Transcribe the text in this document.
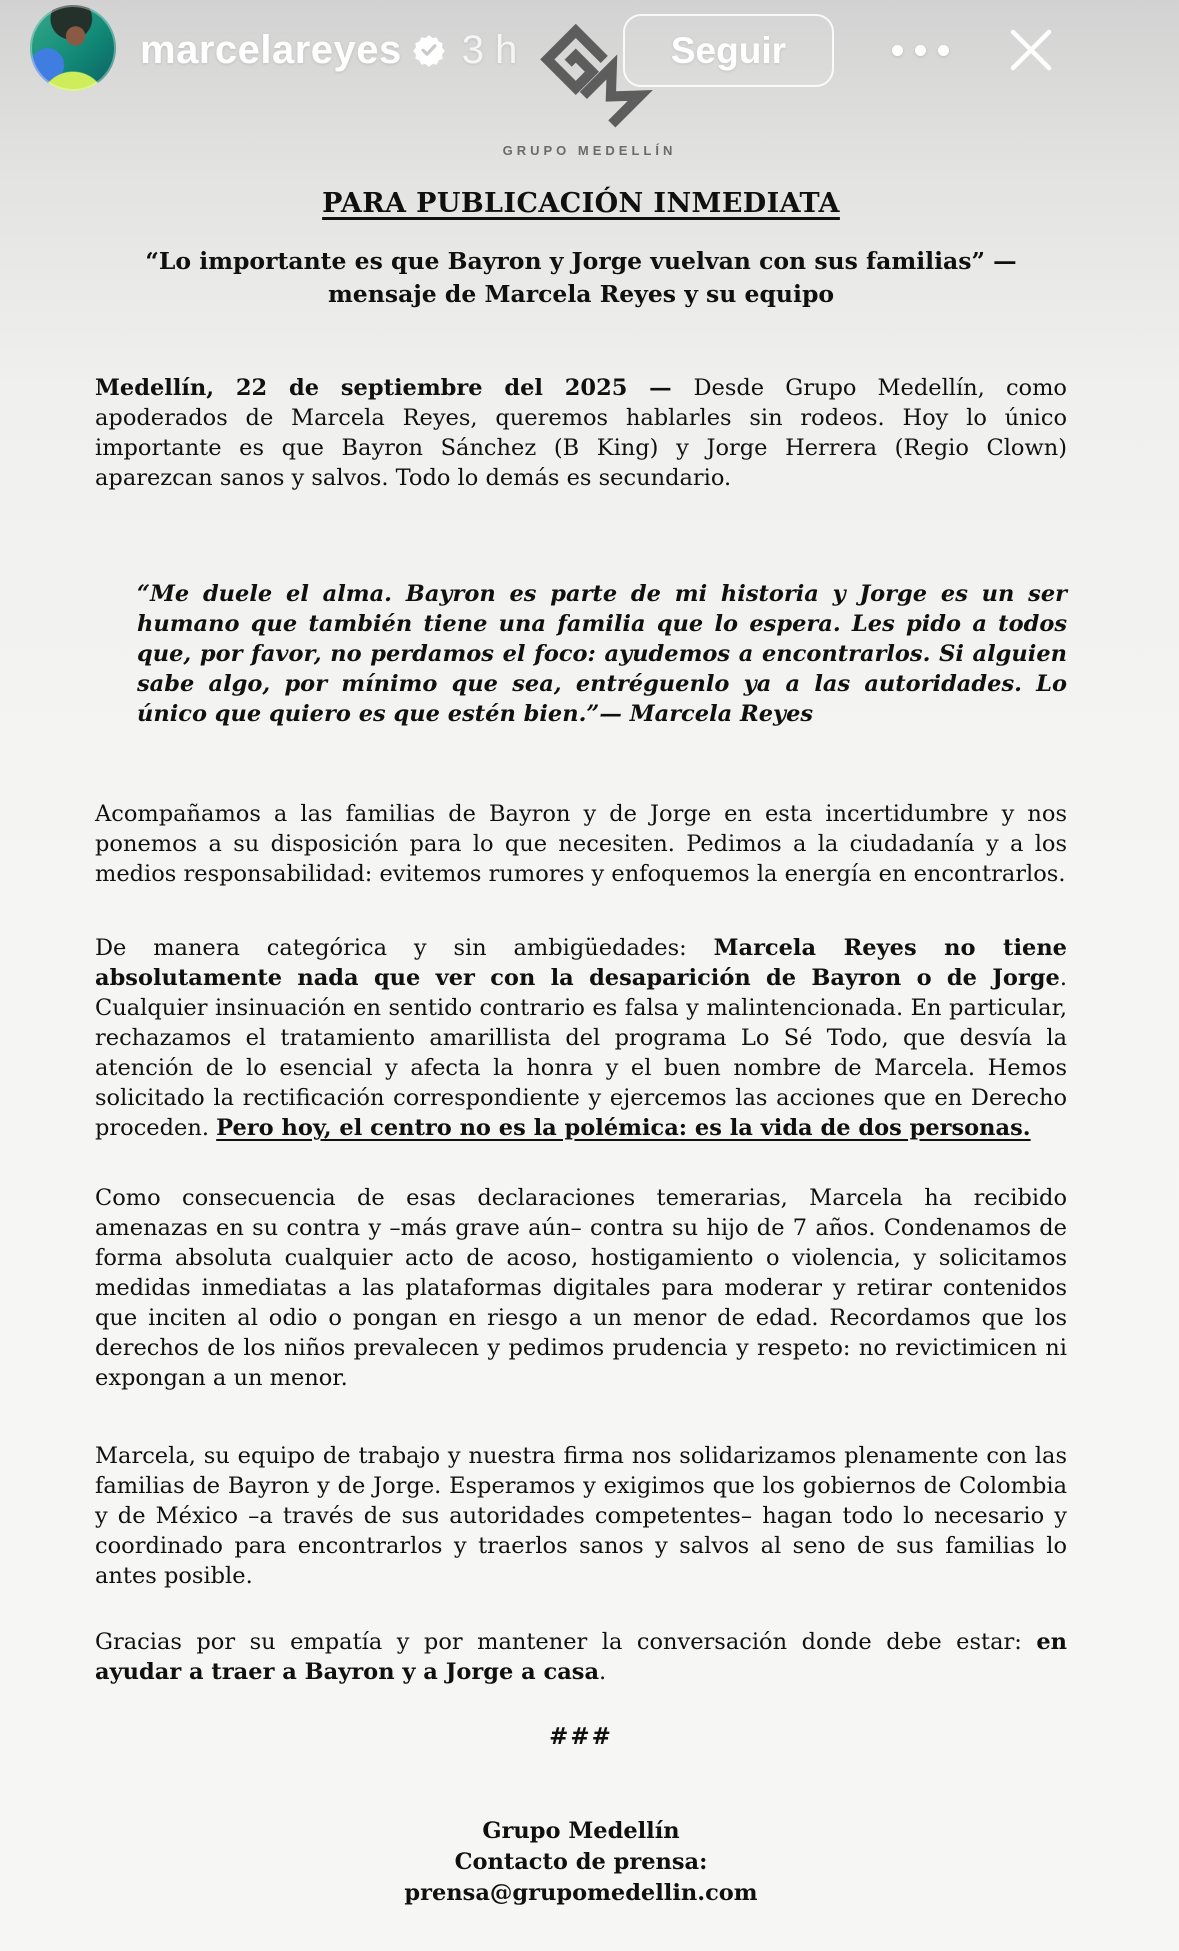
GRUPO MEDELLÍN
marcelareyes 3 h	Seguir
PARA PUBLICACIÓN INMEDIATA
“Lo importante es que Bayron y Jorge vuelvan con sus familias” — mensaje de Marcela Reyes y su equipo

Medellín, 22 de septiembre del 2025 — Desde Grupo Medellín, como apoderados de Marcela Reyes, queremos hablarles sin rodeos. Hoy lo único importante es que Bayron Sánchez (B King) y Jorge Herrera (Regio Clown) aparezcan sanos y salvos. Todo lo demás es secundario.

“Me duele el alma. Bayron es parte de mi historia y Jorge es un ser humano que también tiene una familia que lo espera. Les pido a todos que, por favor, no perdamos el foco: ayudemos a encontrarlos. Si alguien sabe algo, por mínimo que sea, entréguenlo ya a las autoridades. Lo único que quiero es que estén bien.”— Marcela Reyes

Acompañamos a las familias de Bayron y de Jorge en esta incertidumbre y nos ponemos a su disposición para lo que necesiten. Pedimos a la ciudadanía y a los medios responsabilidad: evitemos rumores y enfoquemos la energía en encontrarlos.

De manera categórica y sin ambigüedades: Marcela Reyes no tiene absolutamente nada que ver con la desaparición de Bayron o de Jorge. Cualquier insinuación en sentido contrario es falsa y malintencionada. En particular, rechazamos el tratamiento amarillista del programa Lo Sé Todo, que desvía la atención de lo esencial y afecta la honra y el buen nombre de Marcela. Hemos solicitado la rectificación correspondiente y ejercemos las acciones que en Derecho proceden. Pero hoy, el centro no es la polémica: es la vida de dos personas.

Como consecuencia de esas declaraciones temerarias, Marcela ha recibido amenazas en su contra y –más grave aún– contra su hijo de 7 años. Condenamos de forma absoluta cualquier acto de acoso, hostigamiento o violencia, y solicitamos medidas inmediatas a las plataformas digitales para moderar y retirar contenidos que inciten al odio o pongan en riesgo a un menor de edad. Recordamos que los derechos de los niños prevalecen y pedimos prudencia y respeto: no revictimicen ni expongan a un menor.

Marcela, su equipo de trabajo y nuestra firma nos solidarizamos plenamente con las familias de Bayron y de Jorge. Esperamos y exigimos que los gobiernos de Colombia y de México –a través de sus autoridades competentes– hagan todo lo necesario y coordinado para encontrarlos y traerlos sanos y salvos al seno de sus familias lo antes posible.

Gracias por su empatía y por mantener la conversación donde debe estar: en ayudar a traer a Bayron y a Jorge a casa.

###
Grupo Medellín
Contacto de prensa:
prensa@grupomedellin.com
